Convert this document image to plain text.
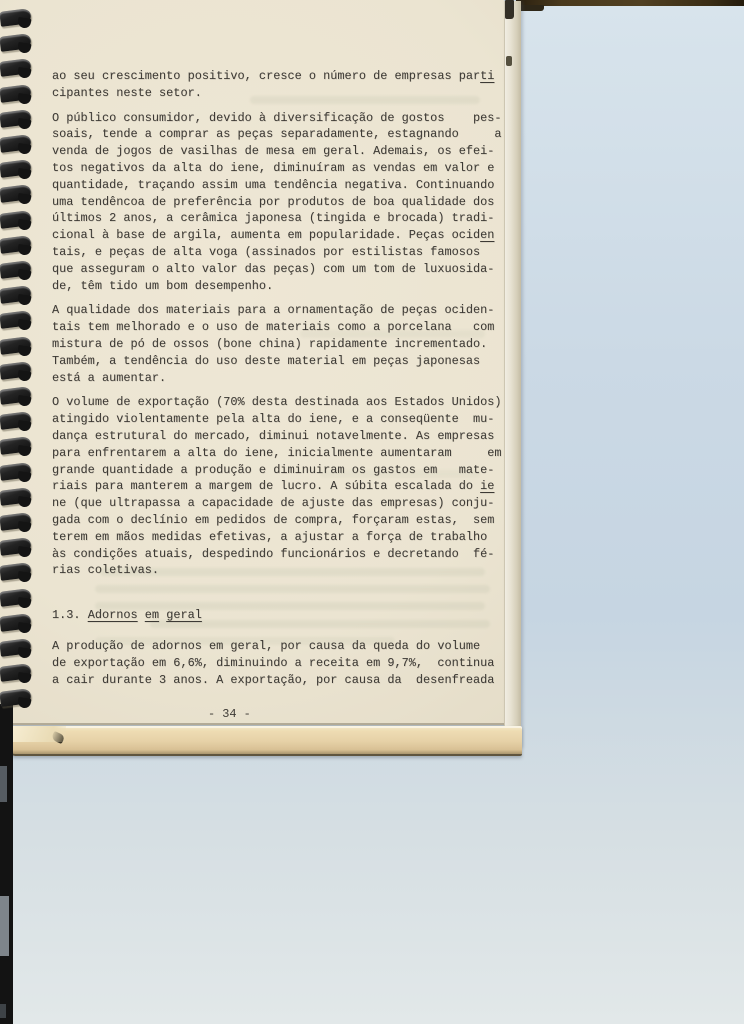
ao seu crescimento positivo, cresce o número de empresas parti
cipantes neste setor.
O público consumidor, devido à diversificação de gostos    pes-
soais, tende a comprar as peças separadamente, estagnando     a
venda de jogos de vasilhas de mesa em geral. Ademais, os efei-
tos negativos da alta do iene, diminuíram as vendas em valor e
quantidade, traçando assim uma tendência negativa. Continuando
uma tendêncoa de preferência por produtos de boa qualidade dos
últimos 2 anos, a cerâmica japonesa (tingida e brocada) tradi-
cional à base de argila, aumenta em popularidade. Peças ociden
tais, e peças de alta voga (assinados por estilistas famosos
que asseguram o alto valor das peças) com um tom de luxuosida-
de, têm tido um bom desempenho.
A qualidade dos materiais para a ornamentação de peças ociden-
tais tem melhorado e o uso de materiais como a porcelana   com
mistura de pó de ossos (bone china) rapidamente incrementado.
Também, a tendência do uso deste material em peças japonesas
está a aumentar.
O volume de exportação (70% desta destinada aos Estados Unidos)
atingido violentamente pela alta do iene, e a conseqüente  mu-
dança estrutural do mercado, diminui notavelmente. As empresas
para enfrentarem a alta do iene, inicialmente aumentaram     em
grande quantidade a produção e diminuiram os gastos em   mate-
riais para manterem a margem de lucro. A súbita escalada do ie
ne (que ultrapassa a capacidade de ajuste das empresas) conju-
gada com o declínio em pedidos de compra, forçaram estas,  sem
terem em mãos medidas efetivas, a ajustar a força de trabalho
às condições atuais, despedindo funcionários e decretando  fé-
rias coletivas.
1.3. Adornos em geral
A produção de adornos em geral, por causa da queda do volume
de exportação em 6,6%, diminuindo a receita em 9,7%,  continua
a cair durante 3 anos. A exportação, por causa da  desenfreada
- 34 -
